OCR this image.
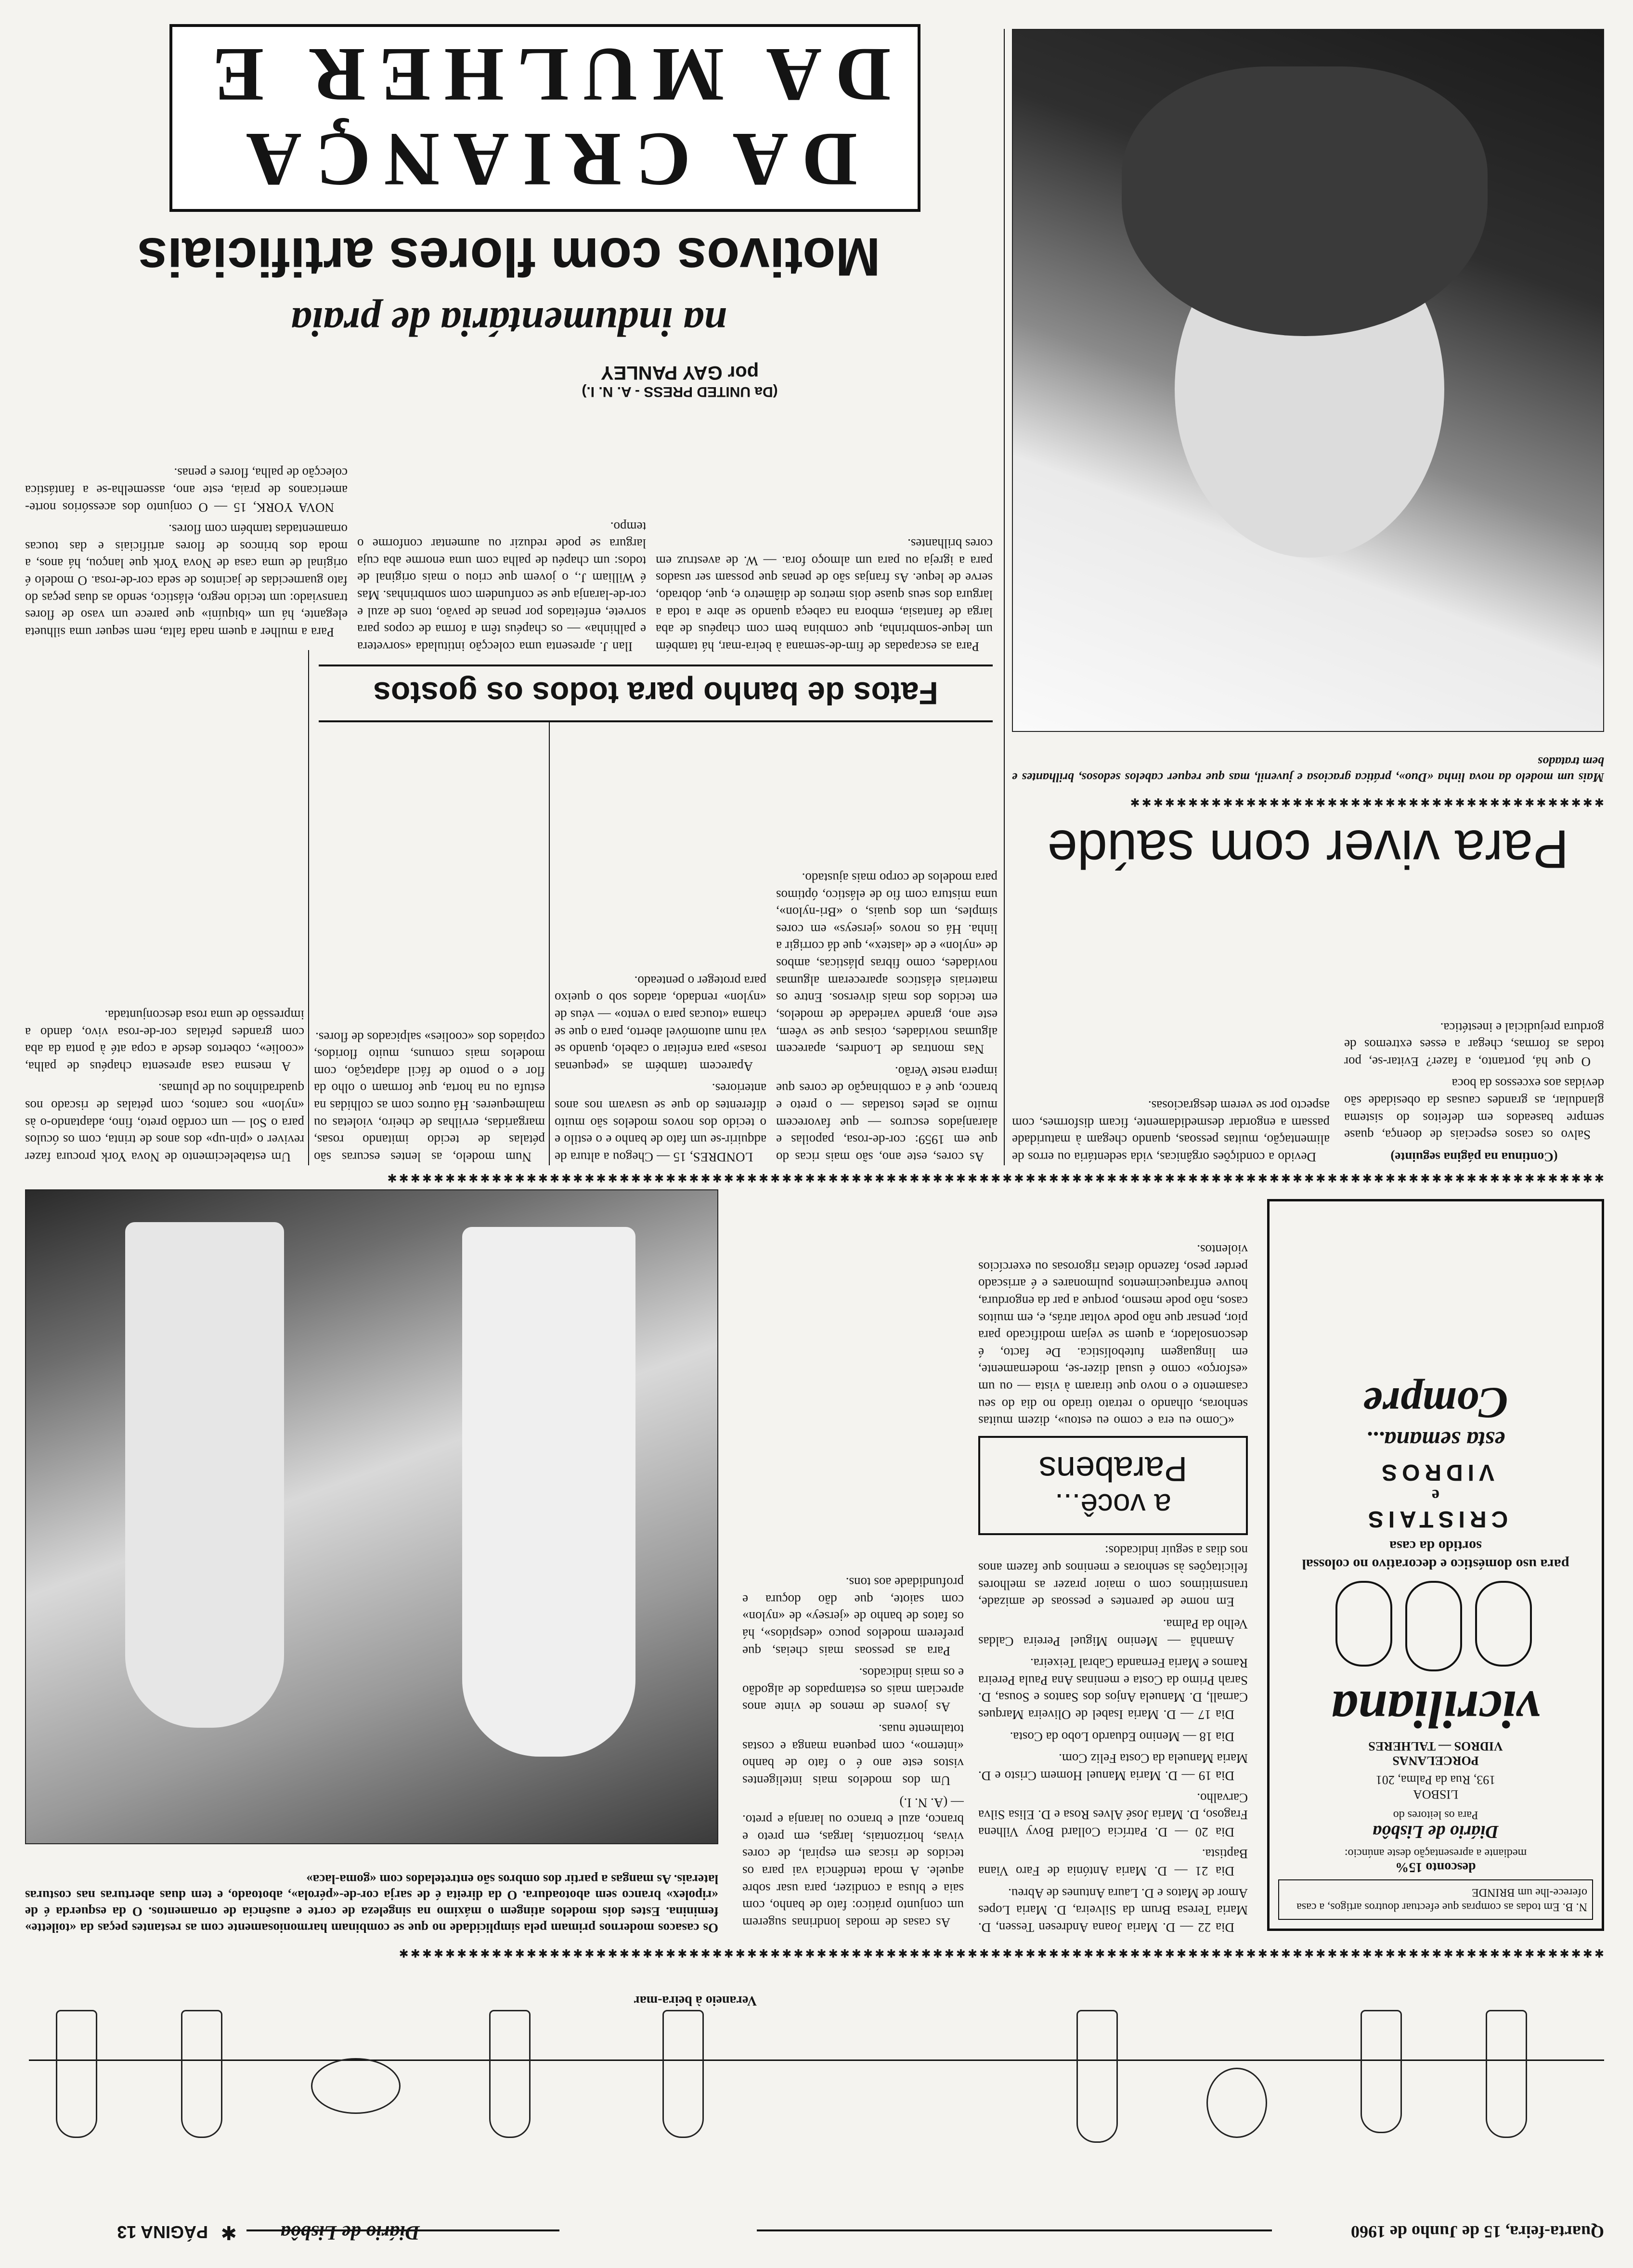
Quarta-feira, 15 de Junho de 1960
Diário de Lisbôa
✱
PÁGINA 13
Veraneio à beira-mar
✱✱✱✱✱✱✱✱✱✱✱✱✱✱✱✱✱✱✱✱✱✱✱✱✱✱✱✱✱✱✱✱✱✱✱✱✱✱✱✱✱✱✱✱✱✱✱✱✱✱✱✱✱✱✱✱✱✱✱✱✱✱✱✱✱✱✱✱✱✱✱✱✱✱✱✱✱✱✱✱✱✱✱✱✱✱✱✱✱✱✱✱✱✱✱✱✱✱✱✱✱✱✱✱
Os casacos modernos primam pela simplicidade no que se combinam harmoniosamente com as restantes peças da «toilette» feminina. Estes dois modelos atingem o máximo na singeleza de corte e ausência de ornamentos. O da esquerda é de «ripolex» branco sem abotoadura. O da direita é de sarja cor-de-«pérola», abotoado, e tem duas aberturas nas costuras laterais. As mangas a partir dos ombros são entretelados com «goma-laca»
N. B. Em todas as compras que efectuar doutros artigos, a casa oferece-lhe um BRINDE
desconto 15%
mediante a apresentação deste anúncio:
Diário de Lisbôa
Para os leitores do
LISBOA
193, Rua da Palma, 201
PORCELANAS
VIDROS — TALHERES
vicriliana
para uso doméstico e decorativo no colossal sortido da casa
CRISTAIS
e
VIDROS
esta semana...
Compre

Dia 22 — D. Maria Joana Andresen Tessen, D. Maria Teresa Brum da Silveira, D. Maria Lopes Amor de Matos e D. Laura Antunes de Abreu.

Dia 21 — D. Maria Antónia de Faro Viana Baptista.

Dia 20 — D. Patrícia Collard Bovy Vilhena Fragoso, D. Maria José Alves Rosa e D. Elisa Silva Carvalho.

Dia 19 — D. Maria Manuel Homem Cristo e D. Maria Manuela da Costa Feliz Com.

Dia 18 — Menino Eduardo Lobo da Costa.

Dia 17 — D. Maria Isabel de Oliveira Marques Carnall, D. Manuela Anjos dos Santos e Sousa, D. Sarah Primo da Costa e meninas Ana Paula Pereira Ramos e Maria Fernanda Cabral Teixeira.

Amanhã — Menino Miguel Pereira Caldas Velho da Palma.

Em nome de parentes e pessoas de amizade, transmitimos com o maior prazer as melhores felicitações às senhoras e meninos que fazem anos nos dias a seguir indicados:

a você...
Parabens

«Como eu era e como eu estou», dizem muitas senhoras, olhando o retrato tirado no dia do seu casamento e o novo que tiraram à vista — ou um «esforço» como é usual dizer-se, modernamente, em linguagem futebolística. De facto, é desconsolador, a quem se vejam modificado para pior, pensar que não pode voltar atrás, e, em muitos casos, não pode mesmo, porque a par da engordura, houve enfraquecimentos pulmonares e é arriscado perder peso, fazendo dietas rigorosas ou exercícios violentos.

As casas de modas londrinas sugerem um conjunto prático: fato de banho, com saia e blusa a condizer, para usar sobre aquele. A moda tendência vai para os tecidos de riscas em espiral, de cores vivas, horizontais, largas, em preto e branco, azul e branco ou laranja e preto. — (A. N. I.)

Um dos modelos mais inteligentes vistos este ano é o fato de banho «interno», com pequena manga e costas totalmente nuas.

As jovens de menos de vinte anos apreciam mais os estampados de algodão e os mais indicados.

Para as pessoas mais cheias, que preferem modelos pouco «despidos», há os fatos de banho de «jersey» de «nylon» com saiote, que dão doçura e profundidade aos tons.

✱✱✱✱✱✱✱✱✱✱✱✱✱✱✱✱✱✱✱✱✱✱✱✱✱✱✱✱✱✱✱✱✱✱✱✱✱✱✱✱✱✱✱✱✱✱✱✱✱✱✱✱✱✱✱✱✱✱✱✱✱✱✱✱✱✱✱✱✱✱✱✱✱✱✱✱✱✱✱✱✱✱✱✱✱✱✱✱✱✱✱✱✱✱✱✱✱✱✱✱✱✱✱✱✱

(Continua na página seguinte)

Salvo os casos especiais de doença, quase sempre baseados em defeitos do sistema glandular, as grandes causas da obesidade são devidas aos excessos da boca

O que há, portanto, a fazer? Evitar-se, por todas as formas, chegar a esses extremos de gordura prejudicial e inestética.

Devido a condições orgânicas, vida sedentária ou erros de alimentação, muitas pessoas, quando chegam à maturidade passam a engordar desmedidamente, ficam disformes, com aspecto por se verem desgraciosas.

Para viver com saúde
✱✱✱✱✱✱✱✱✱✱✱✱✱✱✱✱✱✱✱✱✱✱✱✱✱✱✱✱✱✱✱✱✱✱✱✱✱✱✱✱✱
Mais um modelo da nova linha «Duo», prática graciosa e juvenil, mas que requer cabelos sedosos, brilhantes e bem tratados

As cores, este ano, são mais ricas do que em 1959: cor-de-rosa, papoilas e alaranjados escuros — que favorecem muito as peles tostadas — o preto e branco, que é a combinação de cores que impera neste Verão.

Nas montras de Londres, aparecem algumas novidades, coisas que se vêem, este ano, grande variedade de modelos, em tecidos dos mais diversos. Entre os materiais elásticos apareceram algumas novidades, como fibras plásticas, ambos de «nylon» e de «lastex», que dá corrigir a linha. Há os novos «jerseys» em cores simples, um dos quais, o «Bri-nylon», uma mistura com fio de elástico, óptimos para modelos de corpo mais ajustado.

LONDRES, 15 — Chegou a altura de adquirir-se um fato de banho e o estilo e o tecido dos novos modelos são muito diferentes do que se usavam nos anos anteriores.

Aparecem também as «pequenas rosas» para enfeitar o cabelo, quando se vai num automóvel aberto, para o que se chama «toucas para o vento» — véus de «nylon» rendado, atados sob o queixo para proteger o penteado.

Num modelo, as lentes escuras são pétalas de tecido imitando rosas, margaridas, ervilhas de cheiro, violetas ou malmequeres. Há outros com as colhidas na estufa ou na horta, que formam o olho da flor e o ponto de fácil adaptação, com modelos mais comuns, muito floridos, copiados dos «coolies» salpicados de flores.

Um estabelecimento de Nova York procura fazer reviver o «pin-up» dos anos de trinta, com os óculos para o Sol — um cordão preto, fino, adaptando-o às «nylon» nos cantos, com pétalas de riscado nos quadradinhos ou de plumas.

A mesma casa apresenta chapéus de palha, «coolie», cobertos desde a copa até à ponta da aba com grandes pétalas cor-de-rosa vivo, dando a impressão de uma rosa desconjuntada.

Fatos de banho para todos os gostos

Para as escapadas de fim-de-semana à beira-mar, há também um leque-sombrinha, que combina bem com chapéus de aba larga de fantasia, embora na cabeça quando se abre a toda a largura dos seus quase dois metros de diâmetro e, que, dobrado, serve de leque. As franjas são de penas que possam ser usados para a igreja ou para um almoço fora. — W. de avestruz em cores brilhantes.

Ilan J. apresenta uma colecção intitulada «sorvetera e palhinha» — os chapéus têm a forma de copos para sorvete, enfeitados por penas de pavão, tons de azul e cor-de-laranja que se confundem com sombrinhas. Mas é William J., o jovem que criou o mais original de todos: um chapéu de palha com uma enorme aba cuja largura se pode reduzir ou aumentar conforme o tempo.

Para a mulher a quem nada falta, nem sequer uma silhueta elegante, há um «biquíni» que parece um vaso de flores transviado: um tecido negro, elástico, sendo as duas peças do fato guarnecidas de jacintos de seda cor-de-rosa. O modelo é original de uma casa de Nova York que lançou, há anos, a moda dos brincos de flores artificiais e das toucas ornamentadas também com flores.

NOVA YORK, 15 — O conjunto dos acessórios norte-americanos de praia, este ano, assemelha-se a fantástica colecção de palha, flores e penas.

(Da UNITED PRESS - A. N. I.)
por GAY PANLEY
na indumentária de praia
Motivos com flores artificiais
DA CRIANÇA
DA MULHER E
